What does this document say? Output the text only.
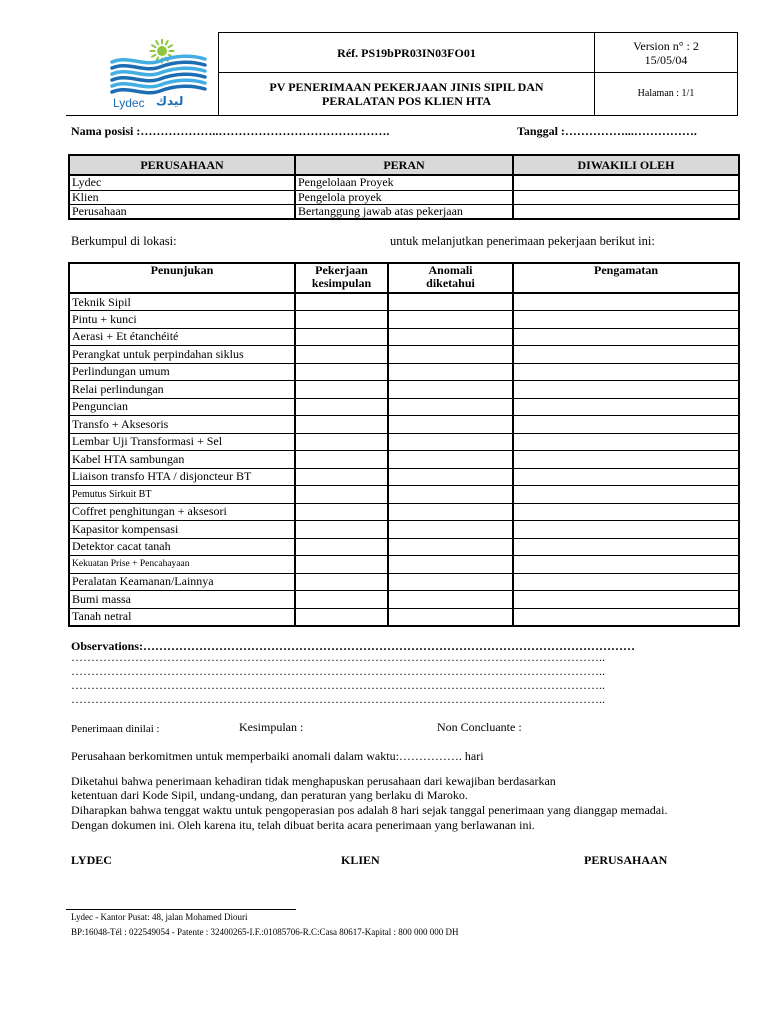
Lydec ليدك
Réf. PS19bPR03IN03FO01
PV PENERIMAAN PEKERJAAN JINIS SIPIL DAN
PERALATAN POS KLIEN HTA
Version n° : 2
15/05/04
Halaman : 1/1
Nama posisi :………………..…………………………………….	Tanggal :……………...…………….
PERUSAHAAN	PERAN	DIWAKILI OLEH
Lydec	Pengelolaan Proyek	
Klien	Pengelola proyek	
Perusahaan	Bertanggung jawab atas pekerjaan	
Berkumpul di lokasi:	untuk melanjutkan penerimaan pekerjaan berikut ini:
Penunjukan	Pekerjaan kesimpulan	Anomali diketahui	Pengamatan
Teknik Sipil			
Pintu + kunci			
Aerasi + Et étanchéité			
Perangkat untuk perpindahan siklus			
Perlindungan umum			
Relai perlindungan			
Penguncian			
Transfo + Aksesoris			
Lembar Uji Transformasi + Sel			
Kabel HTA sambungan			
Liaison transfo HTA / disjoncteur BT			
Pemutus Sirkuit BT			
Coffret penghitungan + aksesori			
Kapasitor kompensasi			
Detektor cacat tanah			
Kekuatan Prise + Pencahayaan			
Peralatan Keamanan/Lainnya			
Bumi massa			
Tanah netral			
Observations:……………………………………………………………………………………………………………
……………………………………………………………………………………………………………………..
……………………………………………………………………………………………………………………..
……………………………………………………………………………………………………………………..
……………………………………………………………………………………………………………………..
Penerimaan dinilai :	Kesimpulan :	Non Concluante :
Perusahaan berkomitmen untuk memperbaiki anomali dalam waktu:……………. hari
Diketahui bahwa penerimaan kehadiran tidak menghapuskan perusahaan dari kewajiban berdasarkan
ketentuan dari Kode Sipil, undang-undang, dan peraturan yang berlaku di Maroko.
Diharapkan bahwa tenggat waktu untuk pengoperasian pos adalah 8 hari sejak tanggal penerimaan yang dianggap memadai.
Dengan dokumen ini. Oleh karena itu, telah dibuat berita acara penerimaan yang berlawanan ini.
LYDEC	KLIEN	PERUSAHAAN
Lydec - Kantor Pusat: 48, jalan Mohamed Diouri
BP:16048-Tél : 022549054 - Patente : 32400265-I.F.:01085706-R.C:Casa 80617-Kapital : 800 000 000 DH
